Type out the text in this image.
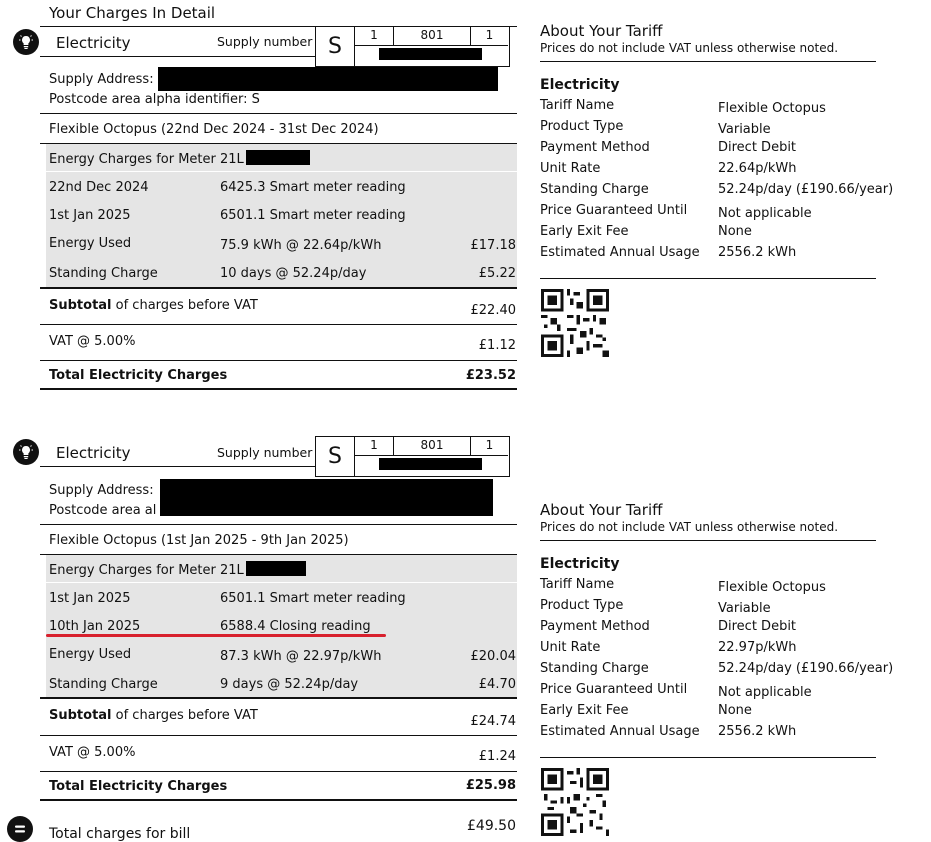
Your Charges In Detail
Electricity	Supply number S	1	801	1
Supply Address:
Postcode area alpha identifier: S
Flexible Octopus (22nd Dec 2024 - 31st Dec 2024)
Energy Charges for Meter 21L
22nd Dec 2024	6425.3 Smart meter reading
1st Jan 2025	6501.1 Smart meter reading
Energy Used	75.9 kWh @ 22.64p/kWh	£17.18
Standing Charge	10 days @ 52.24p/day	£5.22
Subtotal of charges before VAT	£22.40
VAT @ 5.00%	£1.12
Total Electricity Charges	£23.52
About Your Tariff
Prices do not include VAT unless otherwise noted.
Electricity
Tariff Name	Flexible Octopus
Product Type	Variable
Payment Method	Direct Debit
Unit Rate	22.64p/kWh
Standing Charge	52.24p/day (£190.66/year)
Price Guaranteed Until Not applicable
Early Exit Fee	None
Estimated Annual Usage 2556.2 kWh
Electricity	Supply number S	1	801	1
Supply Address:
Postcode area al
Flexible Octopus (1st Jan 2025 - 9th Jan 2025)
Energy Charges for Meter 21L
1st Jan 2025	6501.1 Smart meter reading
10th Jan 2025	6588.4 Closing reading
Energy Used	87.3 kWh @ 22.97p/kWh	£20.04
Standing Charge	9 days @ 52.24p/day	£4.70
Subtotal of charges before VAT	£24.74
VAT @ 5.00%	£1.24
Total Electricity Charges	£25.98
About Your Tariff
Prices do not include VAT unless otherwise noted.
Electricity
Tariff Name	Flexible Octopus
Product Type	Variable
Payment Method	Direct Debit
Unit Rate	22.97p/kWh
Standing Charge	52.24p/day (£190.66/year)
Price Guaranteed Until Not applicable
Early Exit Fee	None
Estimated Annual Usage 2556.2 kWh
Total charges for bill	£49.50
